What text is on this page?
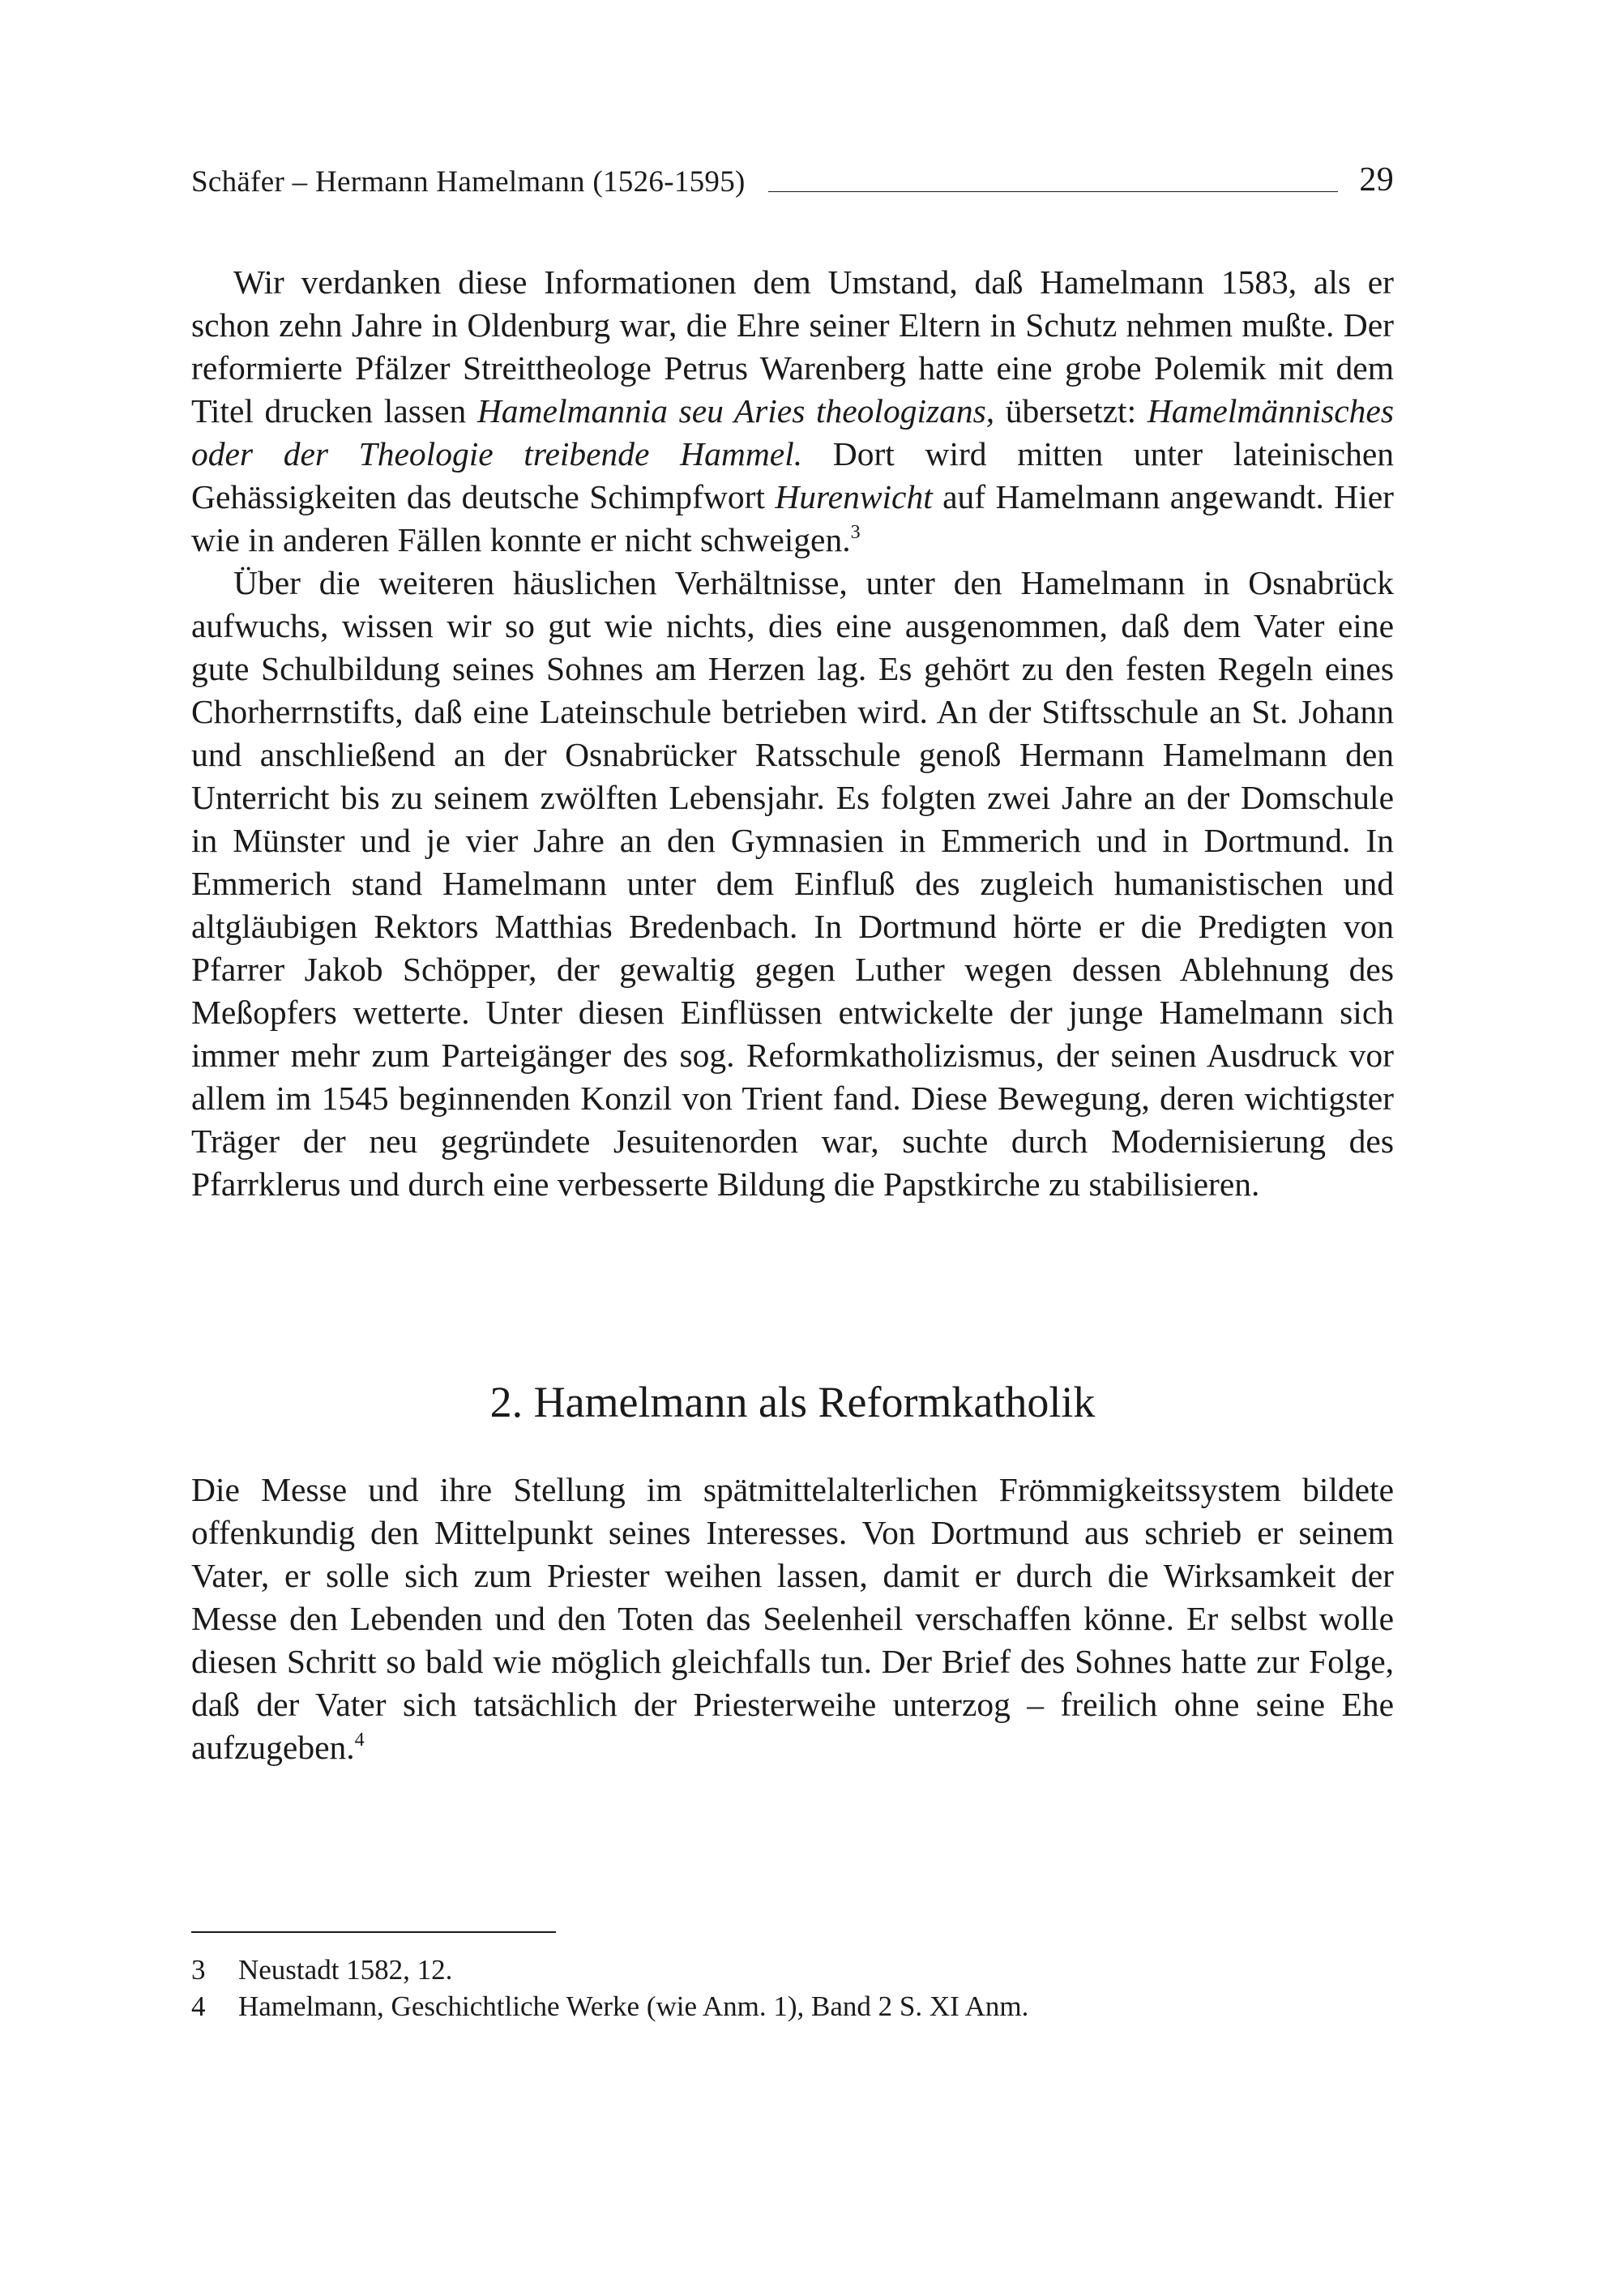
Schäfer – Hermann Hamelmann (1526-1595)	29

Wir verdanken diese Informationen dem Umstand, daß Hamelmann 1583, als er schon zehn Jahre in Oldenburg war, die Ehre seiner Eltern in Schutz nehmen mußte. Der reformierte Pfälzer Streittheologe Petrus Warenberg hatte eine grobe Polemik mit dem Titel drucken lassen Hamelmannia seu Aries theologizans, übersetzt: Hamelmännisches oder der Theologie treibende Hammel. Dort wird mitten unter lateinischen Gehässigkeiten das deutsche Schimpfwort Hurenwicht auf Hamelmann angewandt. Hier wie in anderen Fällen konnte er nicht schweigen.$^3$

Über die weiteren häuslichen Verhältnisse, unter den Hamelmann in Osnabrück aufwuchs, wissen wir so gut wie nichts, dies eine ausgenommen, daß dem Vater eine gute Schulbildung seines Sohnes am Herzen lag. Es gehört zu den festen Regeln eines Chorherrnstifts, daß eine Lateinschule betrieben wird. An der Stiftsschule an St. Johann und anschließend an der Osnabrücker Ratsschule genoß Hermann Hamelmann den Unterricht bis zu seinem zwölften Lebensjahr. Es folgten zwei Jahre an der Domschule in Münster und je vier Jahre an den Gymnasien in Emmerich und in Dortmund. In Emmerich stand Hamelmann unter dem Einfluß des zugleich humanistischen und altgläubigen Rektors Matthias Bredenbach. In Dortmund hörte er die Predigten von Pfarrer Jakob Schöpper, der gewaltig gegen Luther wegen dessen Ablehnung des Meßopfers wetterte. Unter diesen Einflüssen entwickelte der junge Hamelmann sich immer mehr zum Parteigänger des sog. Reformkatholizismus, der seinen Ausdruck vor allem im 1545 beginnenden Konzil von Trient fand. Diese Bewegung, deren wichtigster Träger der neu gegründete Jesuitenorden war, suchte durch Modernisierung des Pfarrklerus und durch eine verbesserte Bildung die Papstkirche zu stabilisieren.

2. Hamelmann als Reformkatholik

Die Messe und ihre Stellung im spätmittelalterlichen Frömmigkeitssystem bildete offenkundig den Mittelpunkt seines Interesses. Von Dortmund aus schrieb er seinem Vater, er solle sich zum Priester weihen lassen, damit er durch die Wirksamkeit der Messe den Lebenden und den Toten das Seelenheil verschaffen könne. Er selbst wolle diesen Schritt so bald wie möglich gleichfalls tun. Der Brief des Sohnes hatte zur Folge, daß der Vater sich tatsächlich der Priesterweihe unterzog – freilich ohne seine Ehe aufzugeben.$^4$

3	Neustadt 1582, 12.
4	Hamelmann, Geschichtliche Werke (wie Anm. 1), Band 2 S. XI Anm.
